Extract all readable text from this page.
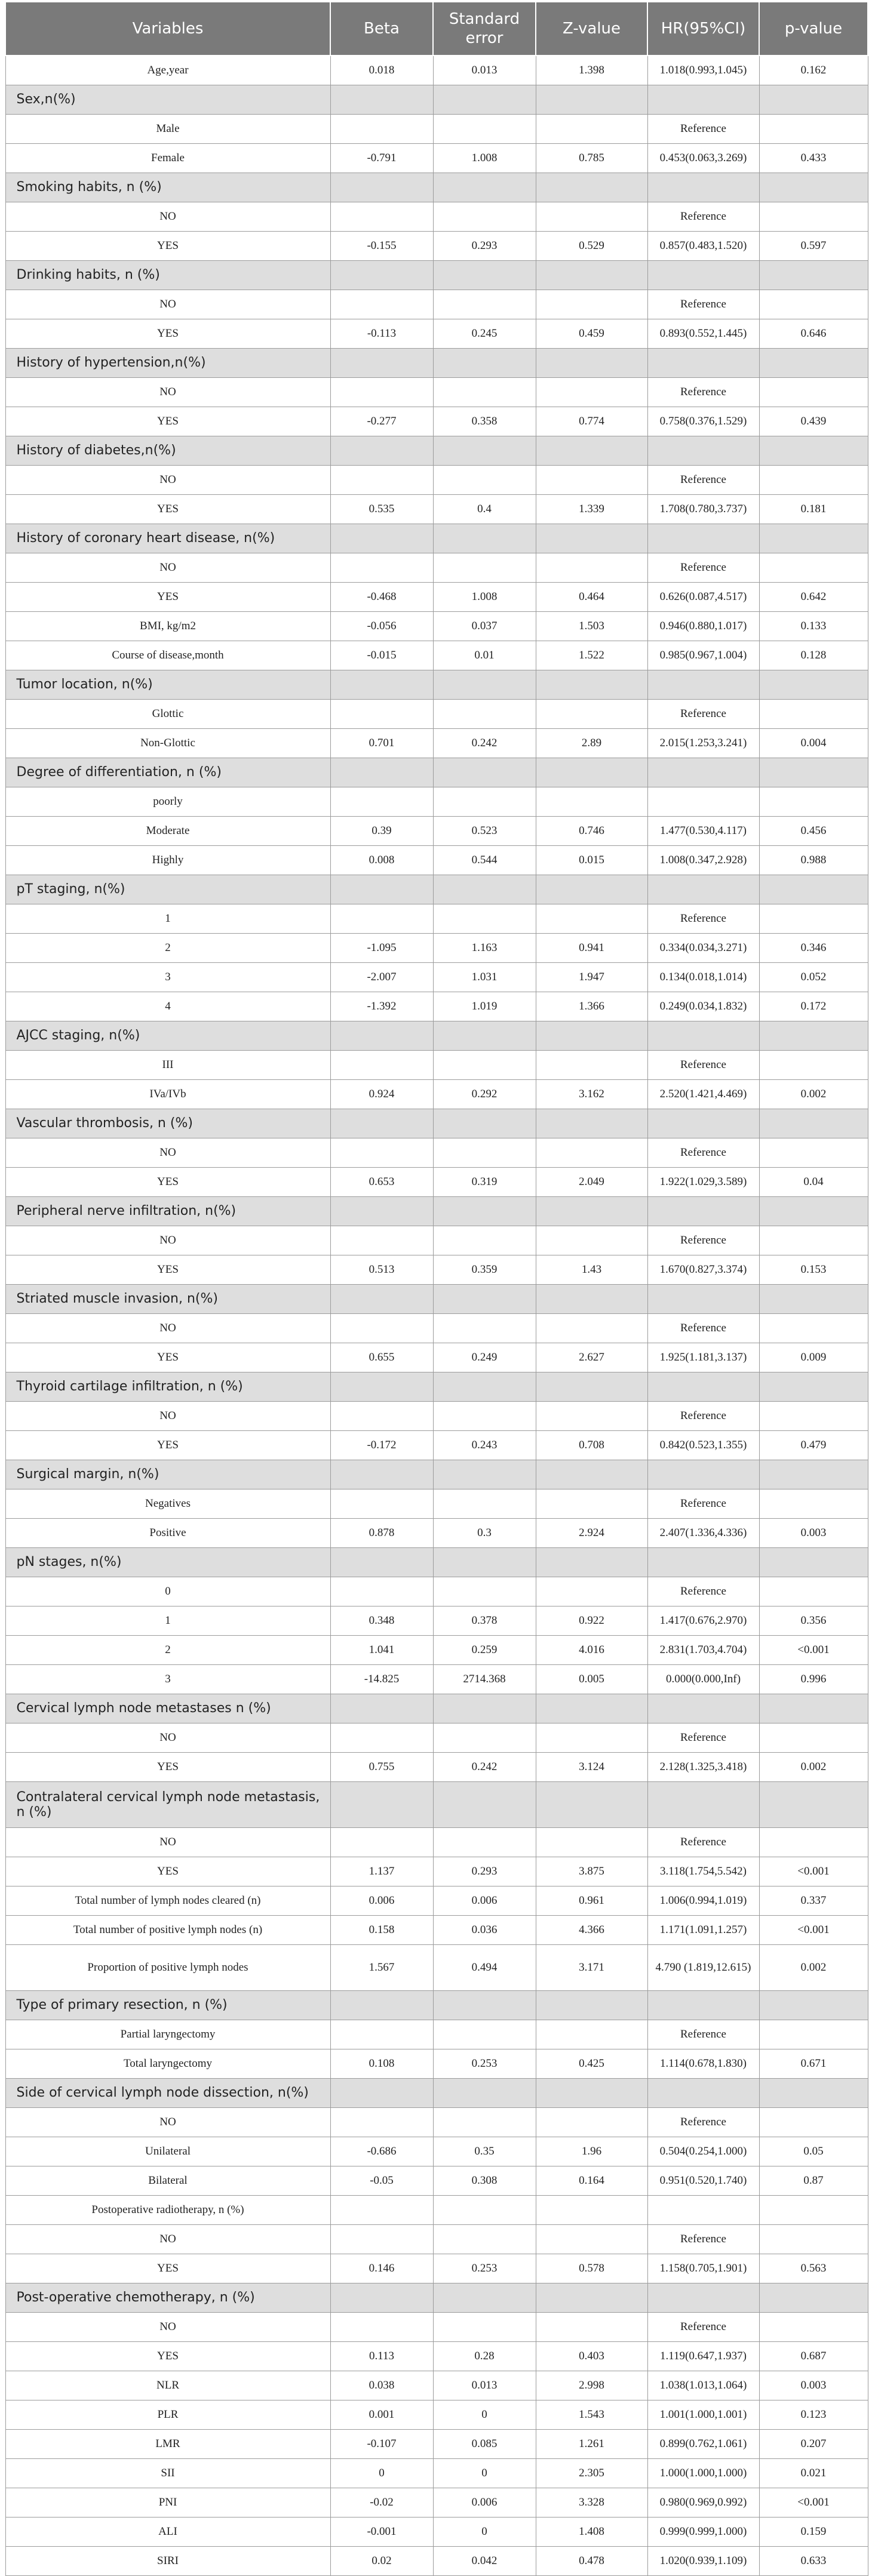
Variables	Beta	Standard error	Z-value	HR(95%CI)	p-value
Age,year	0.018	0.013	1.398	1.018(0.993,1.045)	0.162
Sex,n(%)					
Male				Reference	
Female	-0.791	1.008	0.785	0.453(0.063,3.269)	0.433
Smoking habits, n (%)					
NO				Reference	
YES	-0.155	0.293	0.529	0.857(0.483,1.520)	0.597
Drinking habits, n (%)					
NO				Reference	
YES	-0.113	0.245	0.459	0.893(0.552,1.445)	0.646
History of hypertension,n(%)					
NO				Reference	
YES	-0.277	0.358	0.774	0.758(0.376,1.529)	0.439
History of diabetes,n(%)					
NO				Reference	
YES	0.535	0.4	1.339	1.708(0.780,3.737)	0.181
History of coronary heart disease, n(%)					
NO				Reference	
YES	-0.468	1.008	0.464	0.626(0.087,4.517)	0.642
BMI, kg/m2	-0.056	0.037	1.503	0.946(0.880,1.017)	0.133
Course of disease,month	-0.015	0.01	1.522	0.985(0.967,1.004)	0.128
Tumor location, n(%)					
Glottic				Reference	
Non-Glottic	0.701	0.242	2.89	2.015(1.253,3.241)	0.004
Degree of differentiation, n (%)					
poorly					
Moderate	0.39	0.523	0.746	1.477(0.530,4.117)	0.456
Highly	0.008	0.544	0.015	1.008(0.347,2.928)	0.988
pT staging, n(%)					
1				Reference	
2	-1.095	1.163	0.941	0.334(0.034,3.271)	0.346
3	-2.007	1.031	1.947	0.134(0.018,1.014)	0.052
4	-1.392	1.019	1.366	0.249(0.034,1.832)	0.172
AJCC staging, n(%)					
III				Reference	
IVa/IVb	0.924	0.292	3.162	2.520(1.421,4.469)	0.002
Vascular thrombosis, n (%)					
NO				Reference	
YES	0.653	0.319	2.049	1.922(1.029,3.589)	0.04
Peripheral nerve infiltration, n(%)					
NO				Reference	
YES	0.513	0.359	1.43	1.670(0.827,3.374)	0.153
Striated muscle invasion, n(%)					
NO				Reference	
YES	0.655	0.249	2.627	1.925(1.181,3.137)	0.009
Thyroid cartilage infiltration, n (%)					
NO				Reference	
YES	-0.172	0.243	0.708	0.842(0.523,1.355)	0.479
Surgical margin, n(%)					
Negatives				Reference	
Positive	0.878	0.3	2.924	2.407(1.336,4.336)	0.003
pN stages, n(%)					
0				Reference	
1	0.348	0.378	0.922	1.417(0.676,2.970)	0.356
2	1.041	0.259	4.016	2.831(1.703,4.704)	<0.001
3	-14.825	2714.368	0.005	0.000(0.000,Inf)	0.996
Cervical lymph node metastases n (%)					
NO				Reference	
YES	0.755	0.242	3.124	2.128(1.325,3.418)	0.002
Contralateral cervical lymph node metastasis, n (%)					
NO				Reference	
YES	1.137	0.293	3.875	3.118(1.754,5.542)	<0.001
Total number of lymph nodes cleared (n)	0.006	0.006	0.961	1.006(0.994,1.019)	0.337
Total number of positive lymph nodes (n)	0.158	0.036	4.366	1.171(1.091,1.257)	<0.001
Proportion of positive lymph nodes	1.567	0.494	3.171	4.790 (1.819,12.615)	0.002
Type of primary resection, n (%)					
Partial laryngectomy				Reference	
Total laryngectomy	0.108	0.253	0.425	1.114(0.678,1.830)	0.671
Side of cervical lymph node dissection, n(%)					
NO				Reference	
Unilateral	-0.686	0.35	1.96	0.504(0.254,1.000)	0.05
Bilateral	-0.05	0.308	0.164	0.951(0.520,1.740)	0.87
Postoperative radiotherapy, n (%)					
NO				Reference	
YES	0.146	0.253	0.578	1.158(0.705,1.901)	0.563
Post-operative chemotherapy, n (%)					
NO				Reference	
YES	0.113	0.28	0.403	1.119(0.647,1.937)	0.687
NLR	0.038	0.013	2.998	1.038(1.013,1.064)	0.003
PLR	0.001	0	1.543	1.001(1.000,1.001)	0.123
LMR	-0.107	0.085	1.261	0.899(0.762,1.061)	0.207
SII	0	0	2.305	1.000(1.000,1.000)	0.021
PNI	-0.02	0.006	3.328	0.980(0.969,0.992)	<0.001
ALI	-0.001	0	1.408	0.999(0.999,1.000)	0.159
SIRI	0.02	0.042	0.478	1.020(0.939,1.109)	0.633
